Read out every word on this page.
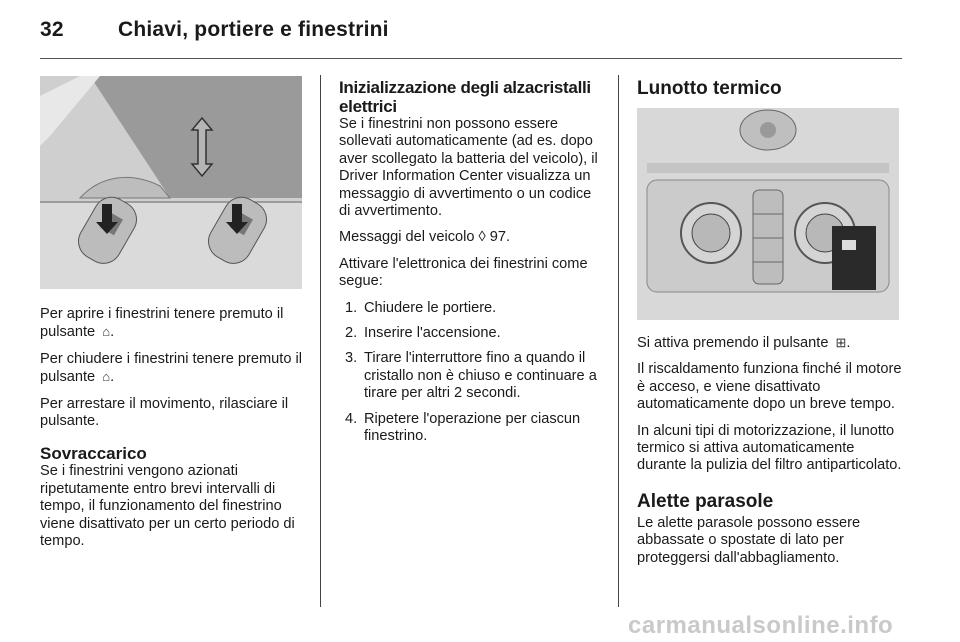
32	Chiavi, portiere e finestrini

Per aprire i finestrini tenere premuto il pulsante ⌂.

Per chiudere i finestrini tenere premuto il pulsante ⌂.

Per arrestare il movimento, rilasciare il pulsante.

Sovraccarico

Se i finestrini vengono azionati ripetutamente entro brevi intervalli di tempo, il funzionamento del finestrino viene disattivato per un certo periodo di tempo.

Inizializzazione degli alzacristalli elettrici

Se i finestrini non possono essere sollevati automaticamente (ad es. dopo aver scollegato la batteria del veicolo), il Driver Information Center visualizza un messaggio di avvertimento o un codice di avvertimento.

Messaggi del veicolo ◊ 97.

Attivare l'elettronica dei finestrini come segue:

1. Chiudere le portiere.
2. Inserire l'accensione.
3. Tirare l'interruttore fino a quando il cristallo non è chiuso e continuare a tirare per altri 2 secondi.
4. Ripetere l'operazione per ciascun finestrino.
Lunotto termico

Si attiva premendo il pulsante ⊞.

Il riscaldamento funziona finché il motore è acceso, e viene disattivato automaticamente dopo un breve tempo.

In alcuni tipi di motorizzazione, il lunotto termico si attiva automaticamente durante la pulizia del filtro antiparticolato.

Alette parasole

Le alette parasole possono essere abbassate o spostate di lato per proteggersi dall'abbagliamento.

carmanualsonline.info
